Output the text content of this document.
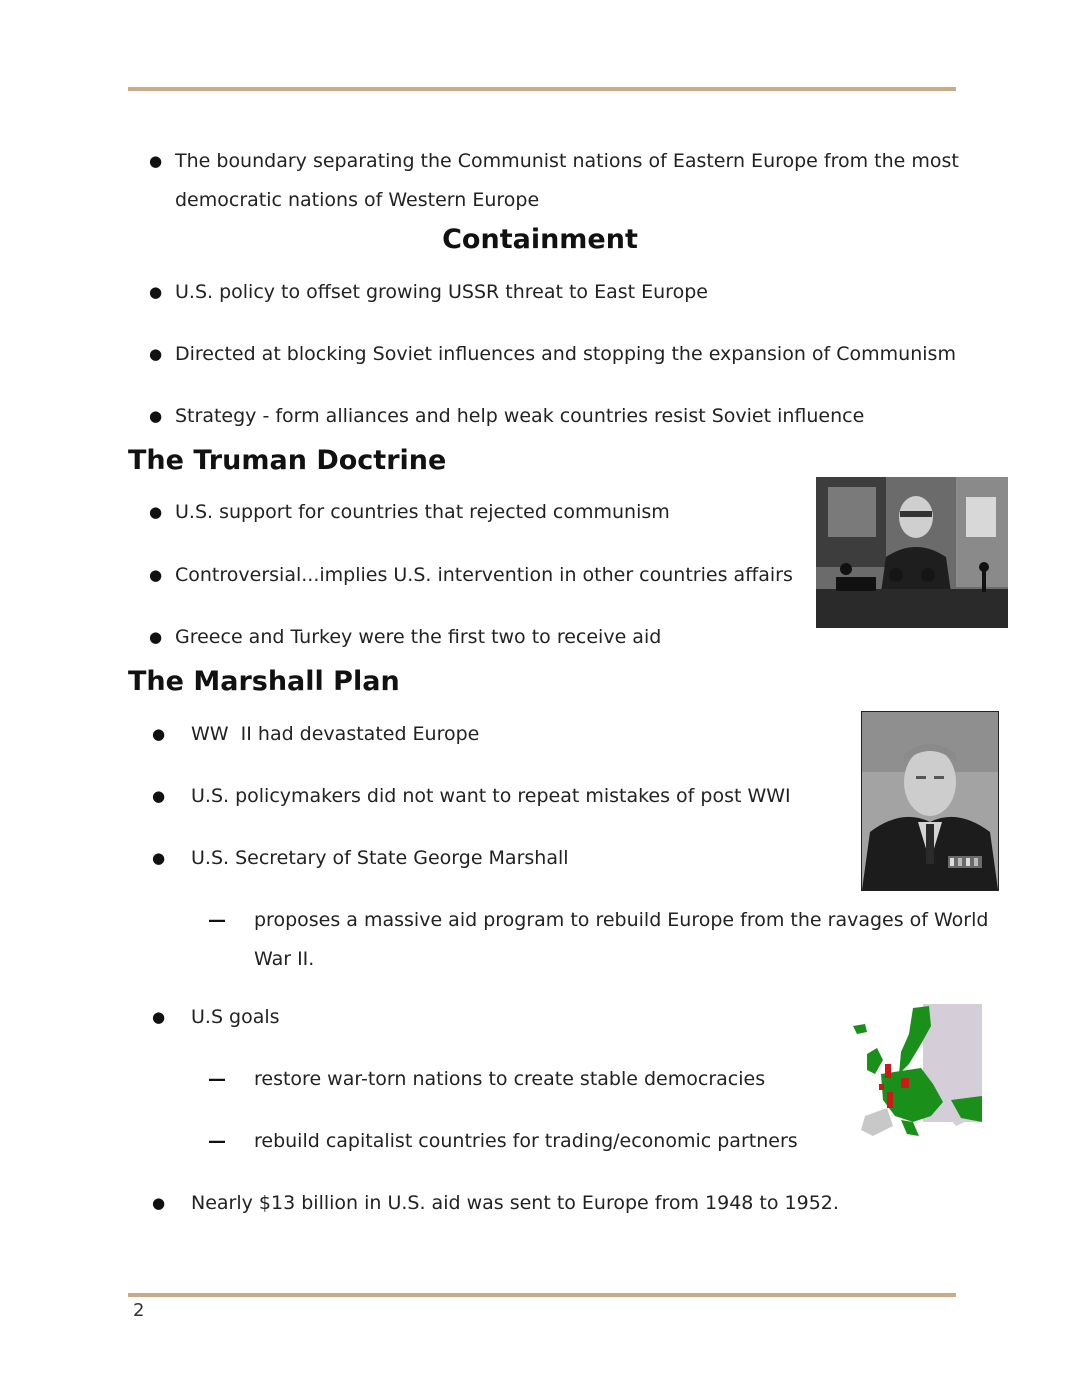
● The boundary separating the Communist nations of Eastern Europe from the most
democratic nations of Western Europe
Containment
● U.S. policy to offset growing USSR threat to East Europe
● Directed at blocking Soviet influences and stopping the expansion of Communism
● Strategy - form alliances and help weak countries resist Soviet influence
The Truman Doctrine
● U.S. support for countries that rejected communism
● Controversial...implies U.S. intervention in other countries affairs
● Greece and Turkey were the first two to receive aid
The Marshall Plan
● WW  II had devastated Europe
● U.S. policymakers did not want to repeat mistakes of post WWI
● U.S. Secretary of State George Marshall
— proposes a massive aid program to rebuild Europe from the ravages of World
War II.
● U.S goals
— restore war-torn nations to create stable democracies
— rebuild capitalist countries for trading/economic partners
● Nearly $13 billion in U.S. aid was sent to Europe from 1948 to 1952.
2
